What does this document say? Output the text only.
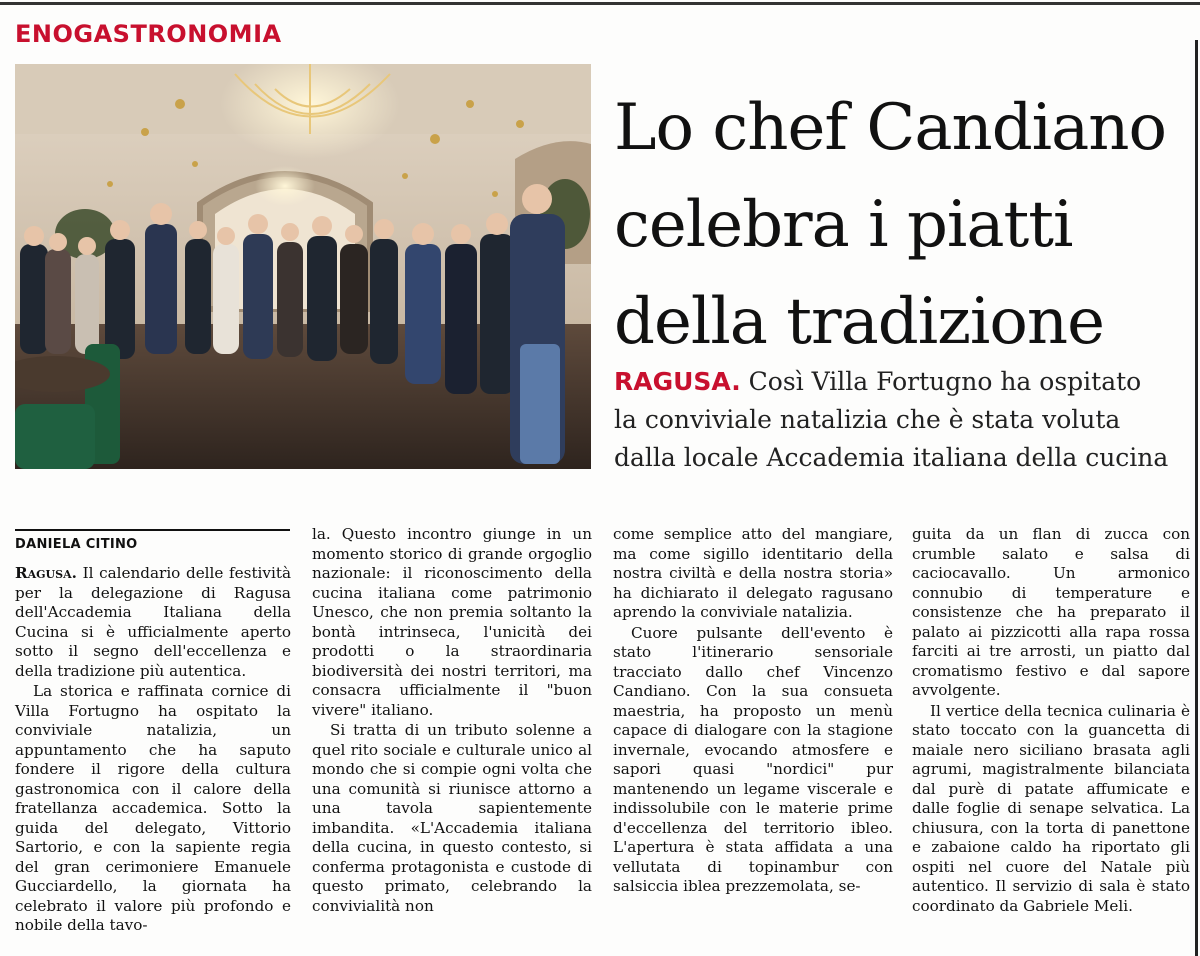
ENOGASTRONOMIA
Lo chef Candiano
celebra i piatti
della tradizione
RAGUSA. Così Villa Fortugno ha ospitato
la conviviale natalizia che è stata voluta
dalla locale Accademia italiana della cucina
DANIELA CITINO

Ragusa. Il calendario delle festività per la delegazione di Ragusa dell'Accademia Italiana della Cucina si è ufficialmente aperto sotto il segno dell'eccellenza e della tradizione più autentica.

La storica e raffinata cornice di Villa Fortugno ha ospitato la conviviale natalizia, un appuntamento che ha saputo fondere il rigore della cultura gastronomica con il calore della fratellanza accademica. Sotto la guida del delegato, Vittorio Sartorio, e con la sapiente regia del gran cerimoniere Emanuele Gucciardello, la giornata ha celebrato il valore più profondo e nobile della tavo-

la. Questo incontro giunge in un momento storico di grande orgoglio nazionale: il riconoscimento della cucina italiana come patrimonio Unesco, che non premia soltanto la bontà intrinseca, l'unicità dei prodotti o la straordinaria biodiversità dei nostri territori, ma consacra ufficialmente il "buon vivere" italiano.

Si tratta di un tributo solenne a quel rito sociale e culturale unico al mondo che si compie ogni volta che una comunità si riunisce attorno a una tavola sapientemente imbandita. «L'Accademia italiana della cucina, in questo contesto, si conferma protagonista e custode di questo primato, celebrando la convivialità non

come semplice atto del mangiare, ma come sigillo identitario della nostra civiltà e della nostra storia» ha dichiarato il delegato ragusano aprendo la conviviale natalizia.

Cuore pulsante dell'evento è stato l'itinerario sensoriale tracciato dallo chef Vincenzo Candiano. Con la sua consueta maestria, ha proposto un menù capace di dialogare con la stagione invernale, evocando atmosfere e sapori quasi "nordici" pur mantenendo un legame viscerale e indissolubile con le materie prime d'eccellenza del territorio ibleo. L'apertura è stata affidata a una vellutata di topinambur con salsiccia iblea prezzemolata, se-

guita da un flan di zucca con crumble salato e salsa di caciocavallo. Un armonico connubio di temperature e consistenze che ha preparato il palato ai pizzicotti alla rapa rossa farciti ai tre arrosti, un piatto dal cromatismo festivo e dal sapore avvolgente.

Il vertice della tecnica culinaria è stato toccato con la guancetta di maiale nero siciliano brasata agli agrumi, magistralmente bilanciata dal purè di patate affumicate e dalle foglie di senape selvatica. La chiusura, con la torta di panettone e zabaione caldo ha riportato gli ospiti nel cuore del Natale più autentico. Il servizio di sala è stato coordinato da Gabriele Meli.
